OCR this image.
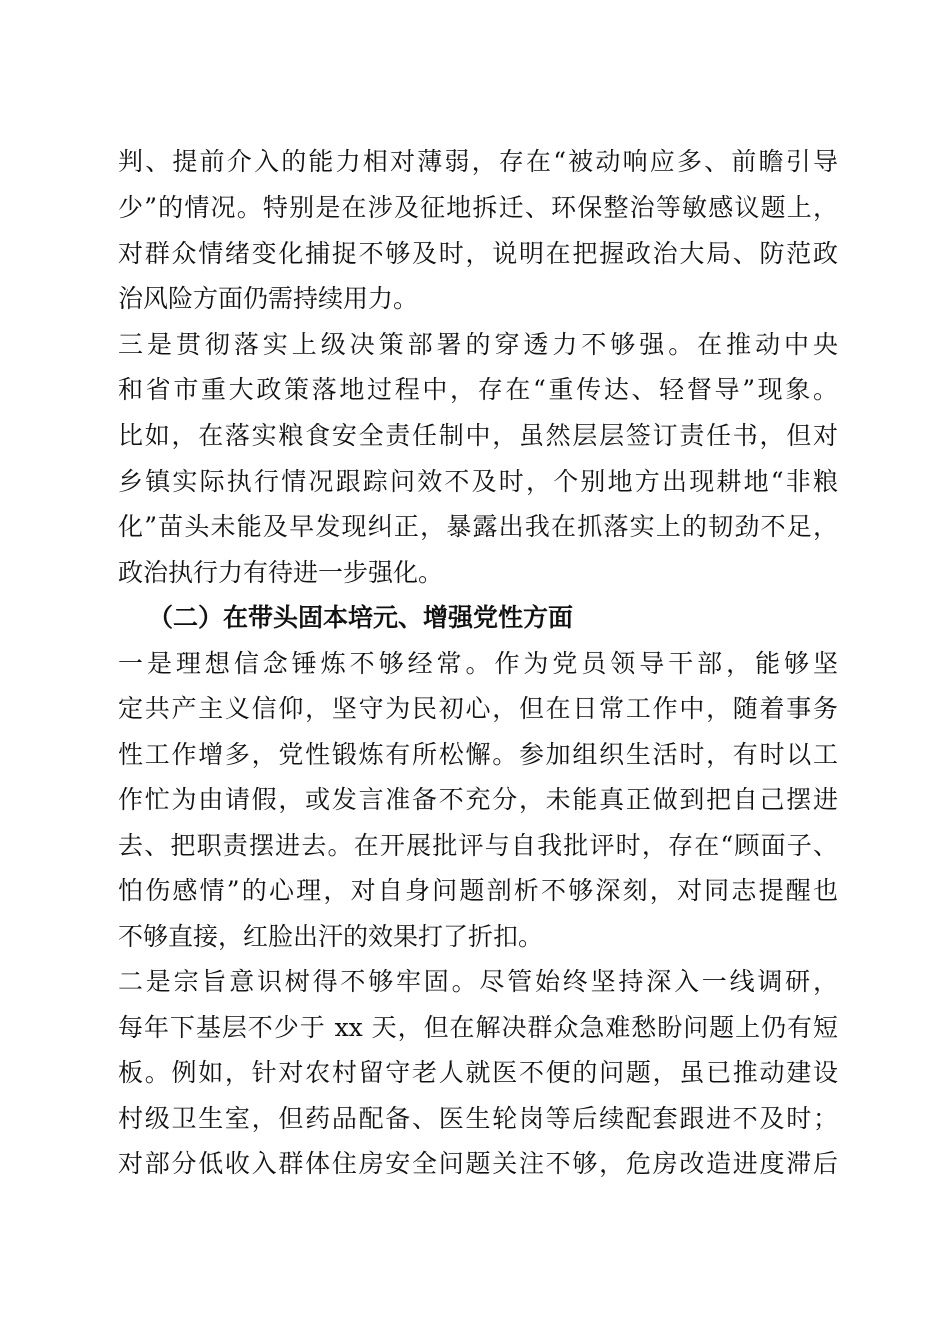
判、提前介入的能力相对薄弱，存在“被动响应多、前瞻引导
少”的情况。特别是在涉及征地拆迁、环保整治等敏感议题上，
对群众情绪变化捕捉不够及时，说明在把握政治大局、防范政
治风险方面仍需持续用力。
三是贯彻落实上级决策部署的穿透力不够强。在推动中央
和省市重大政策落地过程中，存在“重传达、轻督导”现象。
比如，在落实粮食安全责任制中，虽然层层签订责任书，但对
乡镇实际执行情况跟踪问效不及时，个别地方出现耕地“非粮
化”苗头未能及早发现纠正，暴露出我在抓落实上的韧劲不足，
政治执行力有待进一步强化。
（二）在带头固本培元、增强党性方面
一是理想信念锤炼不够经常。作为党员领导干部，能够坚
定共产主义信仰，坚守为民初心，但在日常工作中，随着事务
性工作增多，党性锻炼有所松懈。参加组织生活时，有时以工
作忙为由请假，或发言准备不充分，未能真正做到把自己摆进
去、把职责摆进去。在开展批评与自我批评时，存在“顾面子、
怕伤感情”的心理，对自身问题剖析不够深刻，对同志提醒也
不够直接，红脸出汗的效果打了折扣。
二是宗旨意识树得不够牢固。尽管始终坚持深入一线调研，
每年下基层不少于 xx 天，但在解决群众急难愁盼问题上仍有短
板。例如，针对农村留守老人就医不便的问题，虽已推动建设
村级卫生室，但药品配备、医生轮岗等后续配套跟进不及时；
对部分低收入群体住房安全问题关注不够，危房改造进度滞后
